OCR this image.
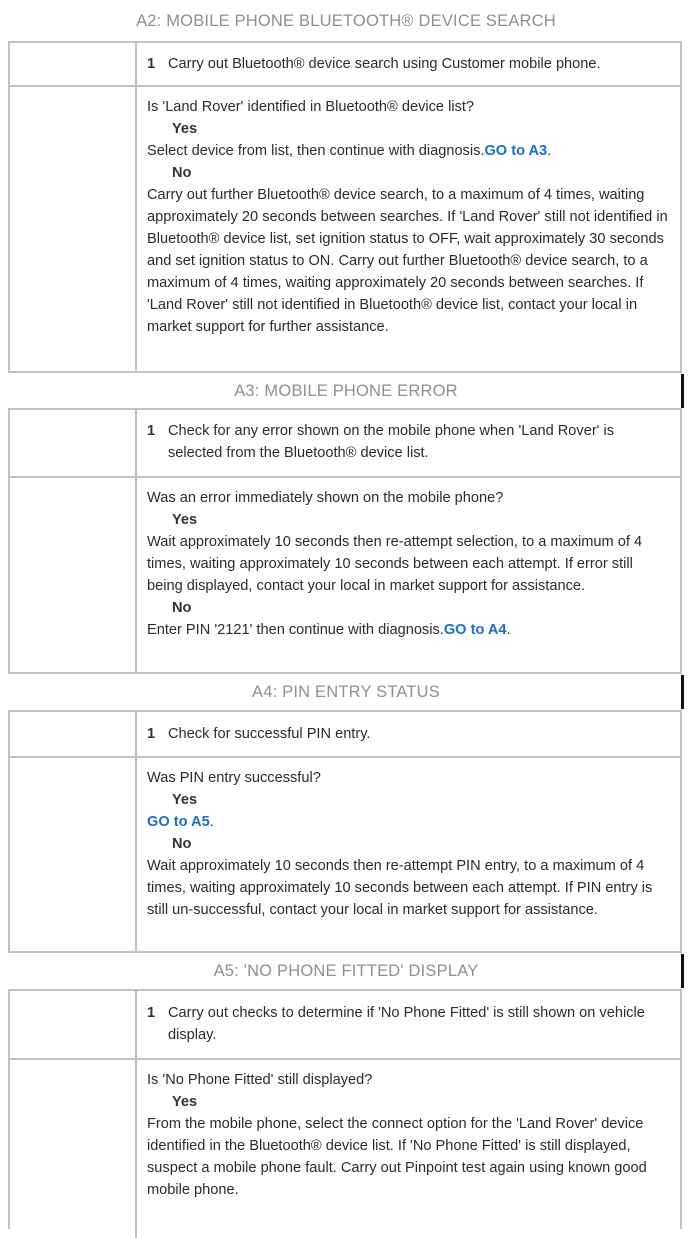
A2: MOBILE PHONE BLUETOOTH® DEVICE SEARCH
1 Carry out Bluetooth® device search using Customer mobile phone.
Is 'Land Rover' identified in Bluetooth® device list?
Yes
Select device from list, then continue with diagnosis.GO to A3.
No
Carry out further Bluetooth® device search, to a maximum of 4 times, waiting approximately 20 seconds between searches. If 'Land Rover' still not identified in Bluetooth® device list, set ignition status to OFF, wait approximately 30 seconds and set ignition status to ON. Carry out further Bluetooth® device search, to a maximum of 4 times, waiting approximately 20 seconds between searches. If 'Land Rover' still not identified in Bluetooth® device list, contact your local in market support for further assistance.
A3: MOBILE PHONE ERROR
1 Check for any error shown on the mobile phone when 'Land Rover' is selected from the Bluetooth® device list.
Was an error immediately shown on the mobile phone?
Yes
Wait approximately 10 seconds then re-attempt selection, to a maximum of 4 times, waiting approximately 10 seconds between each attempt. If error still being displayed, contact your local in market support for assistance.
No
Enter PIN '2121' then continue with diagnosis.GO to A4.
A4: PIN ENTRY STATUS
1 Check for successful PIN entry.
Was PIN entry successful?
Yes
GO to A5.
No
Wait approximately 10 seconds then re-attempt PIN entry, to a maximum of 4 times, waiting approximately 10 seconds between each attempt. If PIN entry is still un-successful, contact your local in market support for assistance.
A5: 'NO PHONE FITTED' DISPLAY
1 Carry out checks to determine if 'No Phone Fitted' is still shown on vehicle display.
Is 'No Phone Fitted' still displayed?
Yes
From the mobile phone, select the connect option for the 'Land Rover' device identified in the Bluetooth® device list. If 'No Phone Fitted' is still displayed, suspect a mobile phone fault. Carry out Pinpoint test again using known good mobile phone.
